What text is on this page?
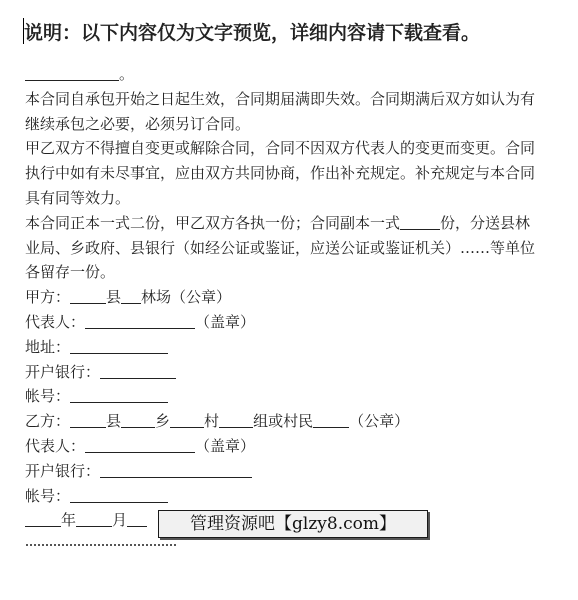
说明：以下内容仅为文字预览，详细内容请下载查看。
。
本合同自承包开始之日起生效，合同期届满即失效。合同期满后双方如认为有继续承包之必要，必须另订合同。
甲乙双方不得擅自变更或解除合同，合同不因双方代表人的变更而变更。合同执行中如有未尽事宜，应由双方共同协商，作出补充规定。补充规定与本合同具有同等效力。
本合同正本一式二份，甲乙双方各执一份；合同副本一式	份，分送县林业局、乡政府、县银行（如经公证或鉴证，应送公证或鉴证机关）……等单位各留存一份。
甲方： 县 林场（公章）
代表人：	（盖章）
地址：
开户银行：
帐号：
乙方： 县 乡 村 组或村民 （公章）
代表人：	（盖章）
开户银行：
帐号：
年 月	管理资源吧【glzy8.com】
